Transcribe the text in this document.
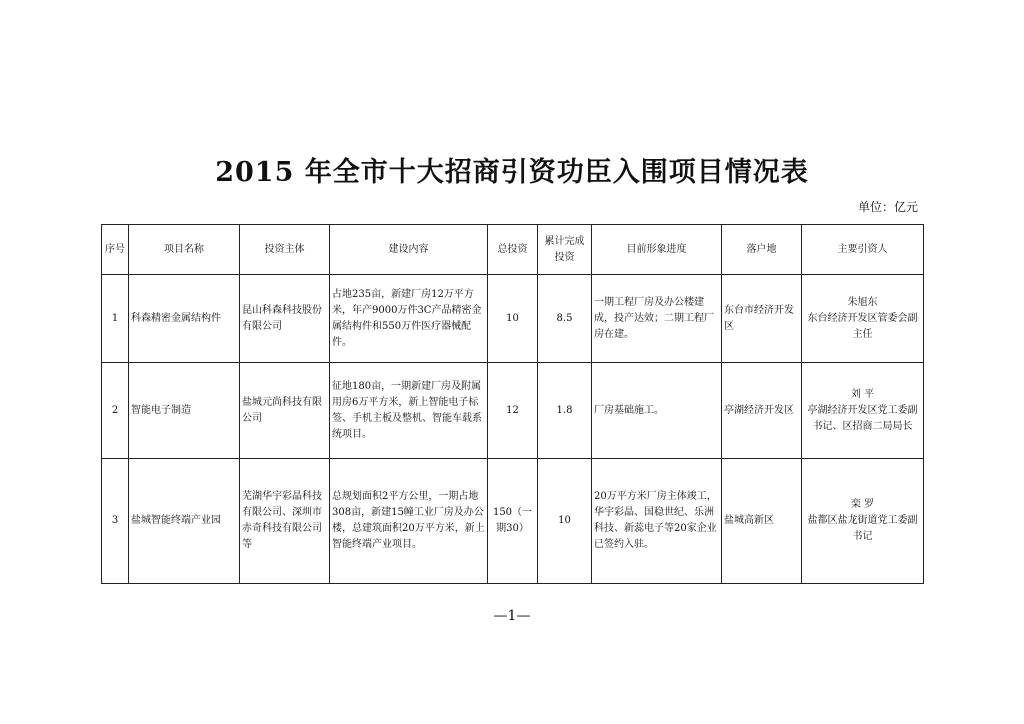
2015 年全市十大招商引资功臣入围项目情况表
单位：亿元
序号	项目名称	投资主体	建设内容	总投资	累计完成投资	目前形象进度	落户地	主要引资人
1	科森精密金属结构件	昆山科森科技股份有限公司	占地235亩，新建厂房12万平方米，年产9000万件3C产品精密金属结构件和550万件医疗器械配件。	10	8.5	一期工程厂房及办公楼建成，投产达效；二期工程厂房在建。	东台市经济开发区	朱旭东
东台经济开发区管委会副主任

2	智能电子制造	盐城元尚科技有限公司	征地180亩，一期新建厂房及附属用房6万平方米，新上智能电子标签、手机主板及整机、智能车载系统项目。	12	1.8	厂房基础施工。	亭湖经济开发区	刘 平
亭湖经济开发区党工委副书记、区招商二局局长

3	盐城智能终端产业园	芜湖华宇彩晶科技有限公司、深圳市赤奇科技有限公司等	总规划面积2平方公里，一期占地308亩，新建15幢工业厂房及办公楼，总建筑面积20万平方米，新上智能终端产业项目。	150（一期30）	10	20万平方米厂房主体竣工，华宇彩晶、国稳世纪、乐洲科技、新蕊电子等20家企业已签约入驻。	盐城高新区	栾 罗
盐都区盐龙街道党工委副书记
—1—
